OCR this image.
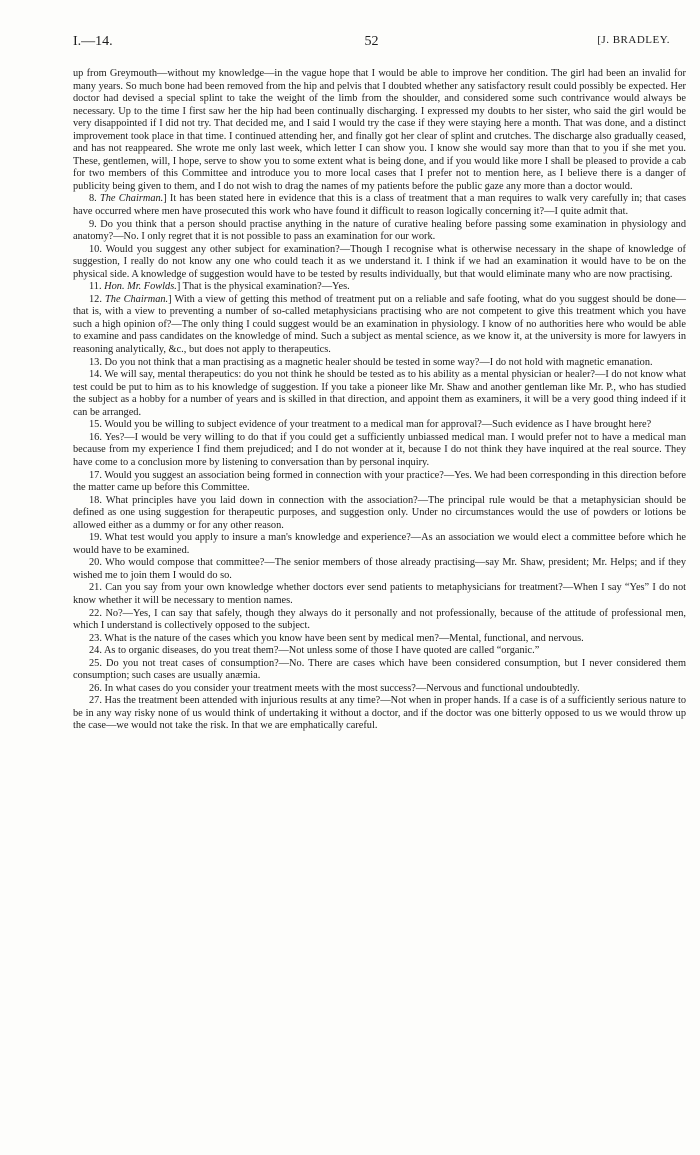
I.—14.	52	[J. BRADLEY.

up from Greymouth—without my knowledge—in the vague hope that I would be able to improve her condition. The girl had been an invalid for many years. So much bone had been removed from the hip and pelvis that I doubted whether any satisfactory result could possibly be expected. Her doctor had devised a special splint to take the weight of the limb from the shoulder, and considered some such contrivance would always be necessary. Up to the time I first saw her the hip had been continually discharging. I expressed my doubts to her sister, who said the girl would be very disappointed if I did not try. That decided me, and I said I would try the case if they were staying here a month. That was done, and a distinct improvement took place in that time. I continued attending her, and finally got her clear of splint and crutches. The discharge also gradually ceased, and has not reappeared. She wrote me only last week, which letter I can show you. I know she would say more than that to you if she met you. These, gentlemen, will, I hope, serve to show you to some extent what is being done, and if you would like more I shall be pleased to provide a cab for two members of this Committee and introduce you to more local cases that I prefer not to mention here, as I believe there is a danger of publicity being given to them, and I do not wish to drag the names of my patients before the public gaze any more than a doctor would.

8. The Chairman.] It has been stated here in evidence that this is a class of treatment that a man requires to walk very carefully in; that cases have occurred where men have prosecuted this work who have found it difficult to reason logically concerning it?—I quite admit that.

9. Do you think that a person should practise anything in the nature of curative healing before passing some examination in physiology and anatomy?—No. I only regret that it is not possible to pass an examination for our work.

10. Would you suggest any other subject for examination?—Though I recognise what is otherwise necessary in the shape of knowledge of suggestion, I really do not know any one who could teach it as we understand it. I think if we had an examination it would have to be on the physical side. A knowledge of suggestion would have to be tested by results individually, but that would eliminate many who are now practising.

11. Hon. Mr. Fowlds.] That is the physical examination?—Yes.

12. The Chairman.] With a view of getting this method of treatment put on a reliable and safe footing, what do you suggest should be done—that is, with a view to preventing a number of so-called metaphysicians practising who are not competent to give this treatment which you have such a high opinion of?—The only thing I could suggest would be an examination in physiology. I know of no authorities here who would be able to examine and pass candidates on the knowledge of mind. Such a subject as mental science, as we know it, at the university is more for lawyers in reasoning analytically, &c., but does not apply to therapeutics.

13. Do you not think that a man practising as a magnetic healer should be tested in some way?—I do not hold with magnetic emanation.

14. We will say, mental therapeutics: do you not think he should be tested as to his ability as a mental physician or healer?—I do not know what test could be put to him as to his knowledge of suggestion. If you take a pioneer like Mr. Shaw and another gentleman like Mr. P., who has studied the subject as a hobby for a number of years and is skilled in that direction, and appoint them as examiners, it will be a very good thing indeed if it can be arranged.

15. Would you be willing to subject evidence of your treatment to a medical man for approval?—Such evidence as I have brought here?

16. Yes?—I would be very willing to do that if you could get a sufficiently unbiassed medical man. I would prefer not to have a medical man because from my experience I find them prejudiced; and I do not wonder at it, because I do not think they have inquired at the real source. They have come to a conclusion more by listening to conversation than by personal inquiry.

17. Would you suggest an association being formed in connection with your practice?—Yes. We had been corresponding in this direction before the matter came up before this Committee.

18. What principles have you laid down in connection with the association?—The principal rule would be that a metaphysician should be defined as one using suggestion for therapeutic purposes, and suggestion only. Under no circumstances would the use of powders or lotions be allowed either as a dummy or for any other reason.

19. What test would you apply to insure a man's knowledge and experience?—As an association we would elect a committee before which he would have to be examined.

20. Who would compose that committee?—The senior members of those already practising—say Mr. Shaw, president; Mr. Helps; and if they wished me to join them I would do so.

21. Can you say from your own knowledge whether doctors ever send patients to metaphysicians for treatment?—When I say “Yes” I do not know whether it will be necessary to mention names.

22. No?—Yes, I can say that safely, though they always do it personally and not professionally, because of the attitude of professional men, which I understand is collectively opposed to the subject.

23. What is the nature of the cases which you know have been sent by medical men?—Mental, functional, and nervous.

24. As to organic diseases, do you treat them?—Not unless some of those I have quoted are called “organic.”

25. Do you not treat cases of consumption?—No. There are cases which have been considered consumption, but I never considered them consumption; such cases are usually anæmia.

26. In what cases do you consider your treatment meets with the most success?—Nervous and functional undoubtedly.

27. Has the treatment been attended with injurious results at any time?—Not when in proper hands. If a case is of a sufficiently serious nature to be in any way risky none of us would think of undertaking it without a doctor, and if the doctor was one bitterly opposed to us we would throw up the case—we would not take the risk. In that we are emphatically careful.
